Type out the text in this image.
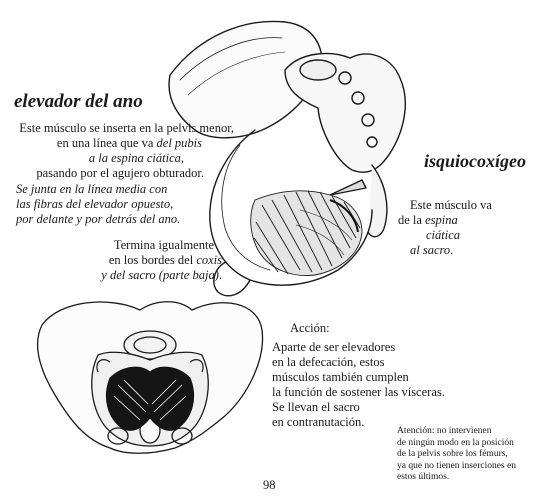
elevador del ano
isquiocoxígeo
Este músculo se inserta en la pelvis menor,
en una línea que va del pubis
a la espina ciática,
pasando por el agujero obturador.
Se junta en la línea media con
las fibras del elevador opuesto,
por delante y por detrás del ano.
Termina igualmente
en los bordes del coxis
y del sacro (parte baja).
Este músculo va
de la espina
ciática
al sacro.
Acción:
Aparte de ser elevadores
en la defecación, estos
músculos también cumplen
la función de sostener las vísceras.
Se llevan el sacro
en contranutación.
Atención: no intervienen
de ningún modo en la posición
de la pelvis sobre los fémurs,
ya que no tienen inserciones en
estos últimos.
98
